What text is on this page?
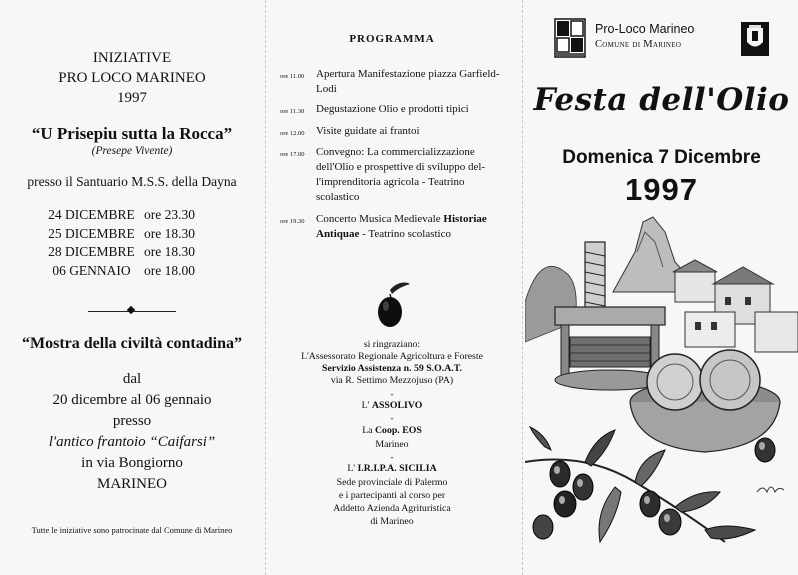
INIZIATIVE
PRO LOCO MARINEO
1997
“U Prisepiu sutta la Rocca”
(Presepe Vivente)
presso il Santuario M.S.S. della Dayna
24 DICEMBRE ore 23.30
25 DICEMBRE ore 18.30
28 DICEMBRE ore 18.30
06 GENNAIO ore 18.00
“Mostra della civiltà contadina”
dal
20 dicembre al 06 gennaio
presso
l'antico frantoio “Caifarsi”
in via Bongiorno
MARINEO
Tutte le iniziative sono patrocinate dal Comune di Marineo
PROGRAMMA
ore 11.00	Apertura Manifestazione piazza Garfield-Lodi
ore 11.30	Degustazione Olio e prodotti tipici
ore 12.00	Visite guidate ai frantoi
ore 17.00	Convegno: La commercializzazione dell'Olio e prospettive di sviluppo del-l'imprenditoria agricola - Teatrino scolastico
ore 19.30	Concerto Musica Medievale Historiae Antiquae - Teatrino scolastico
si ringraziano:
L'Assessorato Regionale Agricoltura e Foreste
Servizio Assistenza n. 59 S.O.A.T.
via R. Settimo Mezzojuso (PA)
-
L' ASSOLIVO
-
La Coop. EOS
Marineo
-
L' I.R.I.P.A. SICILIA
Sede provinciale di Palermo
e i partecipanti al corso per
Addetto Azienda Agrituristica
di Marineo
Pro-Loco Marineo
Comune di Marineo
Festa dell'Olio
Domenica 7 Dicembre
1997
